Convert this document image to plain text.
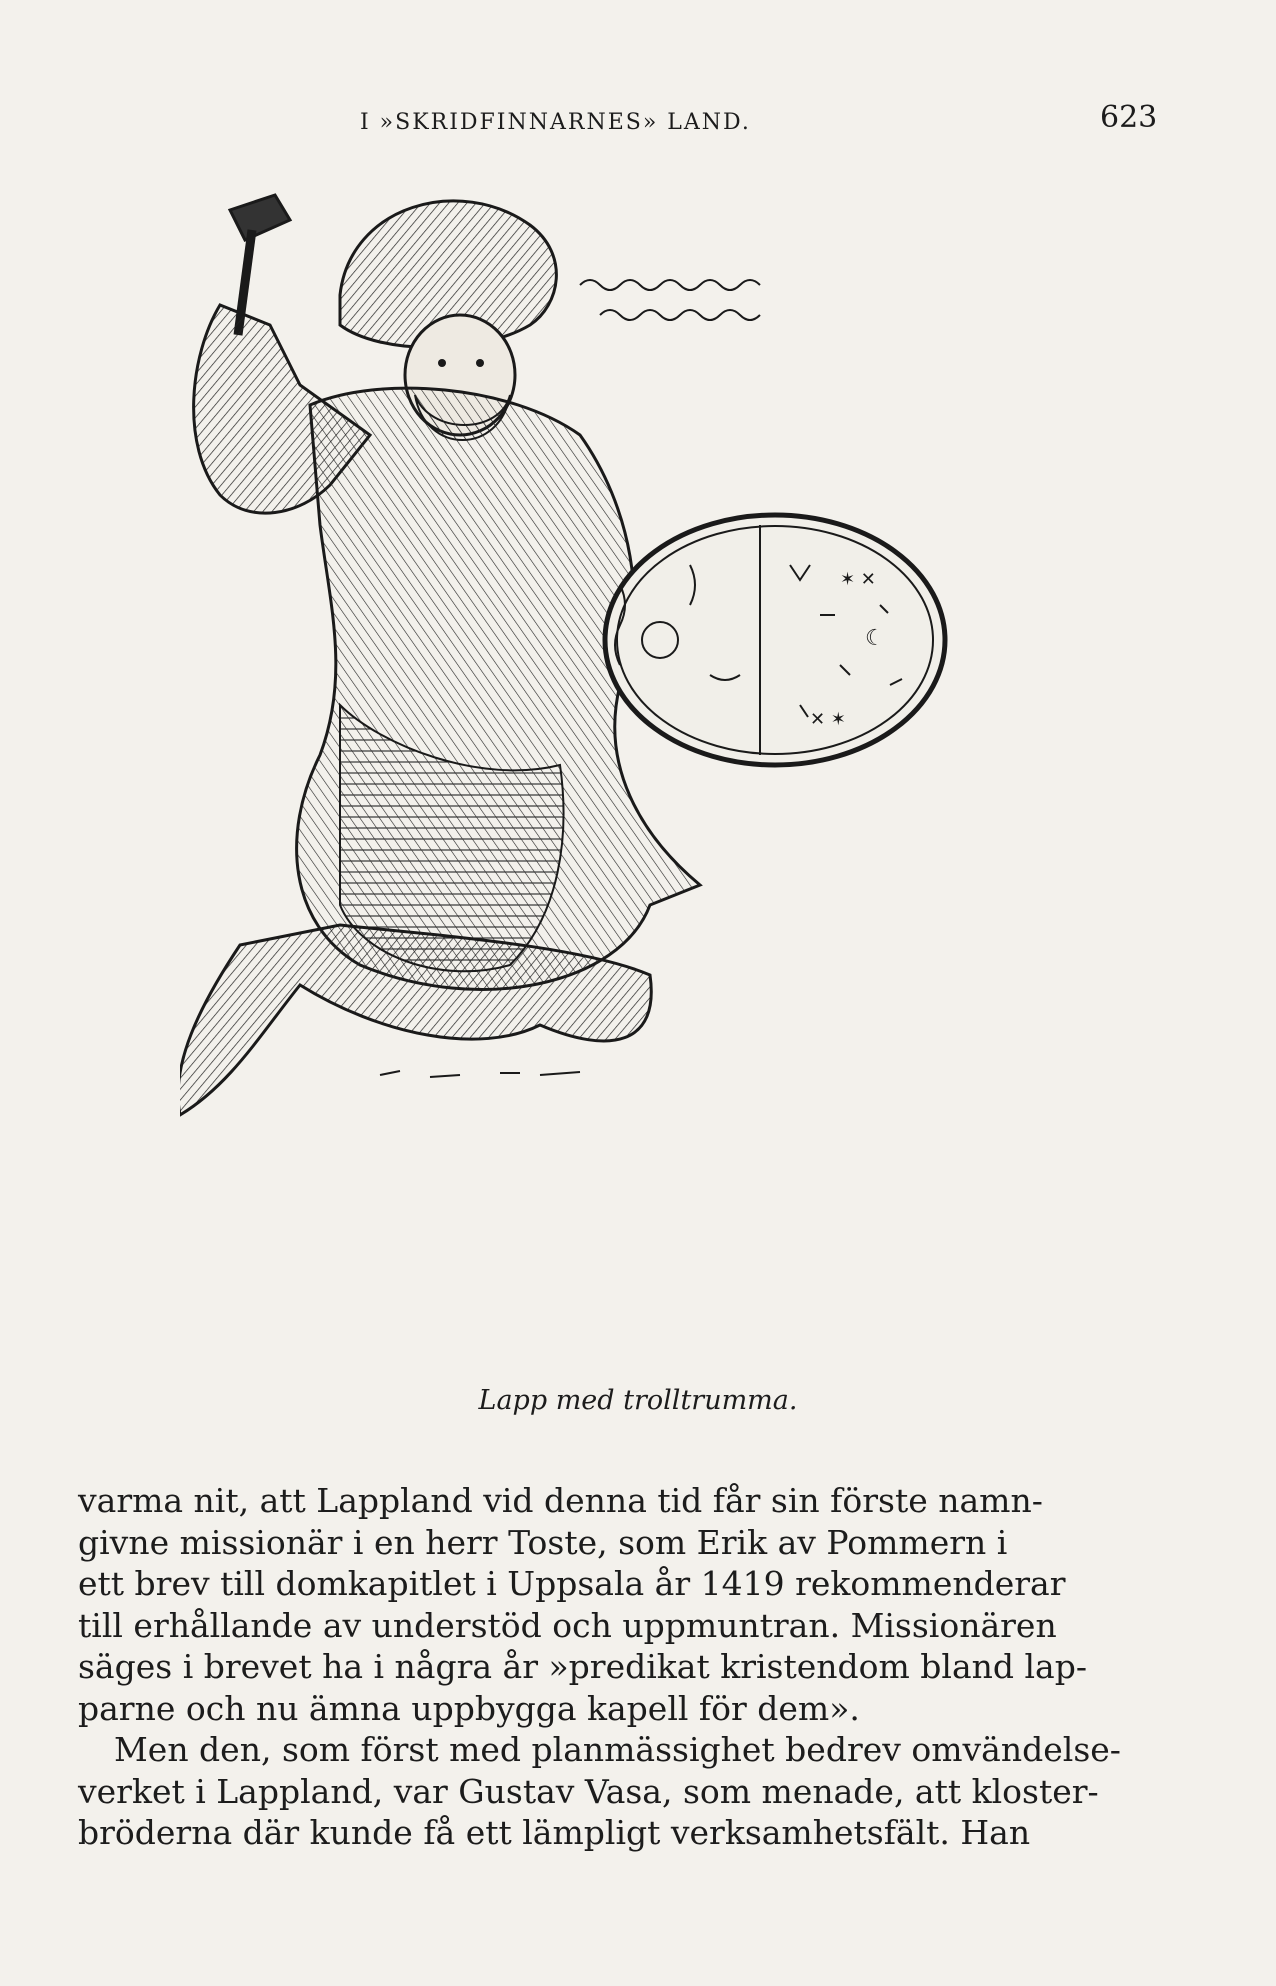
I »SKRIDFINNARNES» LAND.	623
☾
✶ ✕
✕ ✶
Lapp med trolltrumma.

varma nit, att Lappland vid denna tid får sin förste namn-
givne missionär i en herr Toste, som Erik av Pommern i
ett brev till domkapitlet i Uppsala år 1419 rekommenderar
till erhållande av understöd och uppmuntran. Missionären
säges i brevet ha i några år »predikat kristendom bland lap-
parne och nu ämna uppbygga kapell för dem».

Men den, som först med planmässighet bedrev omvändelse-
verket i Lappland, var Gustav Vasa, som menade, att kloster-
bröderna där kunde få ett lämpligt verksamhetsfält. Han
